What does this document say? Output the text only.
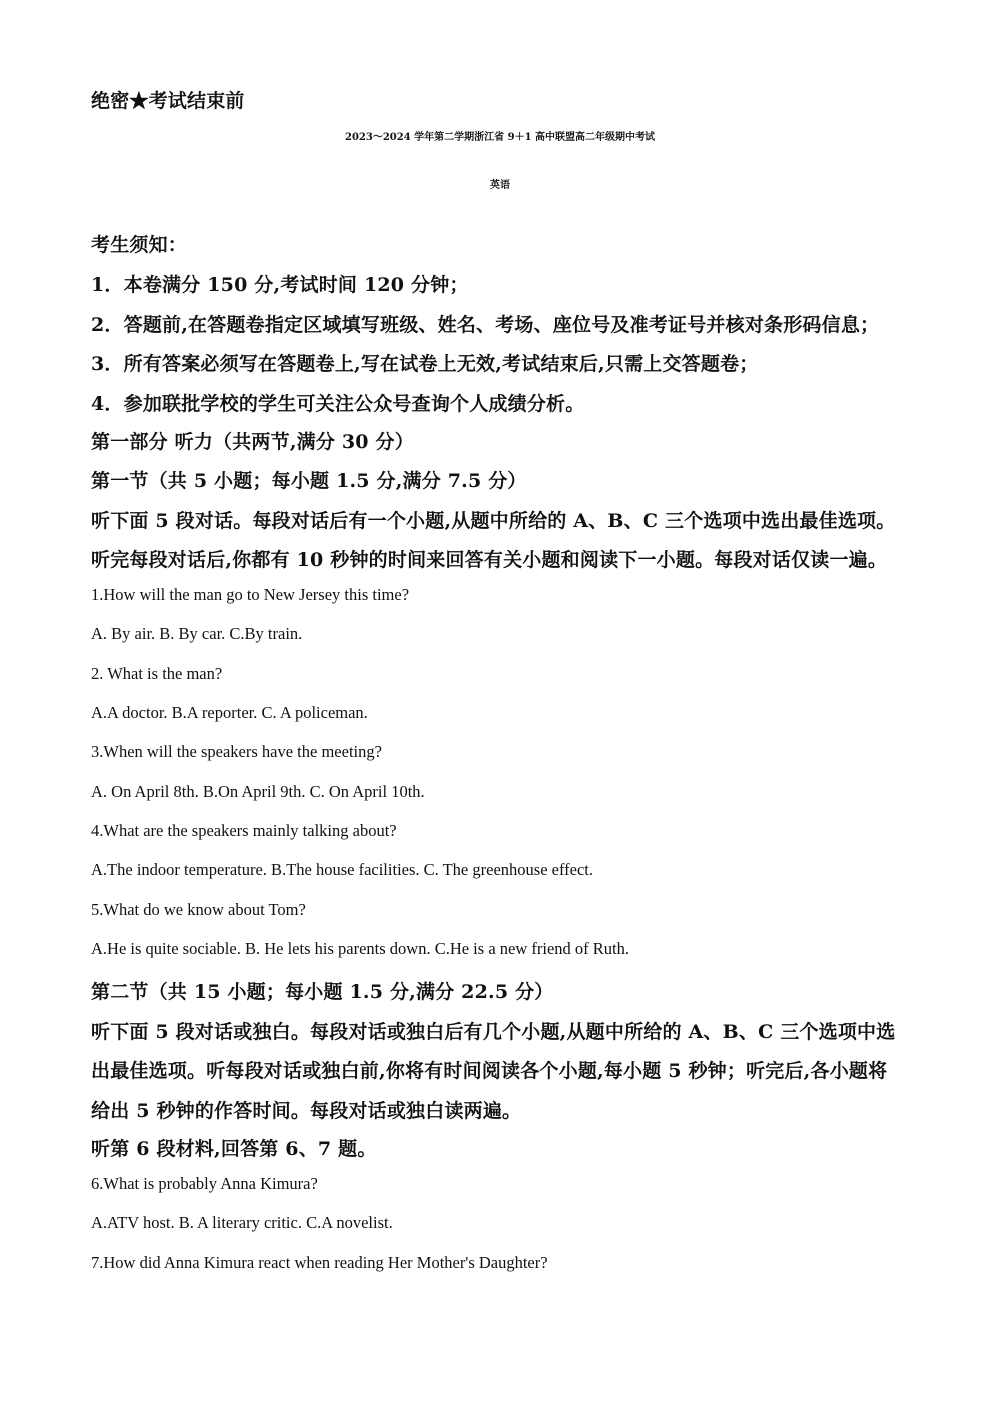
绝密★考试结束前
2023～2024 学年第二学期浙江省 9＋1 高中联盟高二年级期中考试
英语
考生须知：
1．本卷满分 150 分,考试时间 120 分钟；
2．答题前,在答题卷指定区域填写班级、姓名、考场、座位号及准考证号并核对条形码信息；
3．所有答案必须写在答题卷上,写在试卷上无效,考试结束后,只需上交答题卷；
4．参加联批学校的学生可关注公众号查询个人成绩分析。
第一部分 听力（共两节,满分 30 分）
第一节（共 5 小题；每小题 1.5 分,满分 7.5 分）
听下面 5 段对话。每段对话后有一个小题,从题中所给的 A、B、C 三个选项中选出最佳选项。
听完每段对话后,你都有 10 秒钟的时间来回答有关小题和阅读下一小题。每段对话仅读一遍。
1.How will the man go to New Jersey this time?
A. By air. B. By car. C.By train.
2. What is the man?
A.A doctor. B.A reporter. C. A policeman.
3.When will the speakers have the meeting?
A. On April 8th. B.On April 9th. C. On April 10th.
4.What are the speakers mainly talking about?
A.The indoor temperature. B.The house facilities. C. The greenhouse effect.
5.What do we know about Tom?
A.He is quite sociable. B. He lets his parents down. C.He is a new friend of Ruth.
第二节（共 15 小题；每小题 1.5 分,满分 22.5 分）
听下面 5 段对话或独白。每段对话或独白后有几个小题,从题中所给的 A、B、C 三个选项中选
出最佳选项。听每段对话或独白前,你将有时间阅读各个小题,每小题 5 秒钟；听完后,各小题将
给出 5 秒钟的作答时间。每段对话或独白读两遍。
听第 6 段材料,回答第 6、7 题。
6.What is probably Anna Kimura?
A.ATV host. B. A literary critic. C.A novelist.
7.How did Anna Kimura react when reading Her Mother's Daughter?
